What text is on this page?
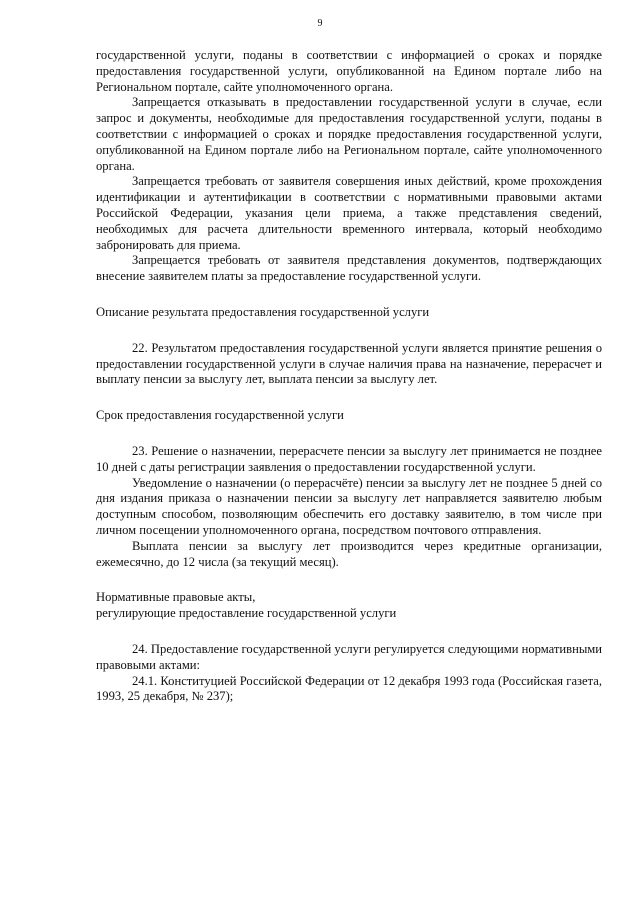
9

государственной услуги, поданы в соответствии с информацией о сроках и порядке предоставления государственной услуги, опубликованной на Едином портале либо на Региональном портале, сайте уполномоченного органа.

Запрещается отказывать в предоставлении государственной услуги в случае, если запрос и документы, необходимые для предоставления государственной услуги, поданы в соответствии с информацией о сроках и порядке предоставления государственной услуги, опубликованной на Едином портале либо на Региональном портале, сайте уполномоченного органа.

Запрещается требовать от заявителя совершения иных действий, кроме прохождения идентификации и аутентификации в соответствии с нормативными правовыми актами Российской Федерации, указания цели приема, а также представления сведений, необходимых для расчета длительности временного интервала, который необходимо забронировать для приема.

Запрещается требовать от заявителя представления документов, подтверждающих внесение заявителем платы за предоставление государственной услуги.

Описание результата предоставления государственной услуги

22. Результатом предоставления государственной услуги является принятие решения о предоставлении государственной услуги в случае наличия права на назначение, перерасчет и выплату пенсии за выслугу лет, выплата пенсии за выслугу лет.

Срок предоставления государственной услуги

23. Решение о назначении, перерасчете пенсии за выслугу лет принимается не позднее 10 дней с даты регистрации заявления о предоставлении государственной услуги.

Уведомление о назначении (о перерасчёте) пенсии за выслугу лет не позднее 5 дней со дня издания приказа о назначении пенсии за выслугу лет направляется заявителю любым доступным способом, позволяющим обеспечить его доставку заявителю, в том числе при личном посещении уполномоченного органа, посредством почтового отправления.

Выплата пенсии за выслугу лет производится через кредитные организации, ежемесячно, до 12 числа (за текущий месяц).

Нормативные правовые акты,

регулирующие предоставление государственной услуги

24. Предоставление государственной услуги регулируется следующими нормативными правовыми актами:

24.1. Конституцией Российской Федерации от 12 декабря 1993 года (Российская газета, 1993, 25 декабря, № 237);
